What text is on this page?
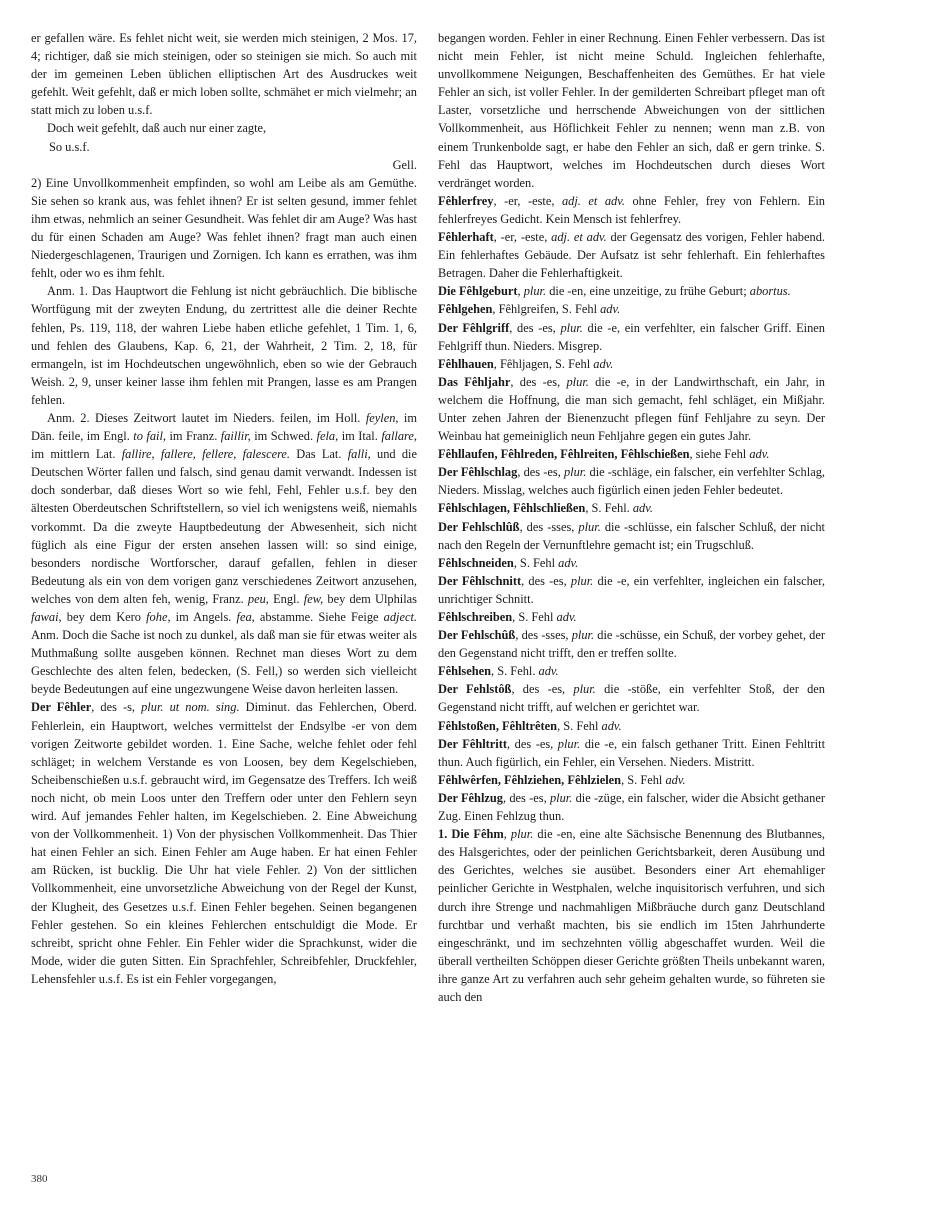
er gefallen wäre. Es fehlet nicht weit, sie werden mich steinigen, 2 Mos. 17, 4; richtiger, daß sie mich steinigen, oder so steinigen sie mich. So auch mit der im gemeinen Leben üblichen elliptischen Art des Ausdruckes weit gefehlt. Weit gefehlt, daß er mich loben sollte, schmähet er mich vielmehr; an statt mich zu loben u.s.f.

Doch weit gefehlt, daß auch nur einer zagte,

So u.s.f.

Gell.

2) Eine Unvollkommenheit empfinden, so wohl am Leibe als am Gemüthe. Sie sehen so krank aus, was fehlet ihnen? Er ist selten gesund, immer fehlet ihm etwas, nehmlich an seiner Gesundheit. Was fehlet dir am Auge? Was hast du für einen Schaden am Auge? Was fehlet ihnen? fragt man auch einen Niedergeschlagenen, Traurigen und Zornigen. Ich kann es errathen, was ihm fehlt, oder wo es ihm fehlt.

Anm. 1. Das Hauptwort die Fehlung ist nicht gebräuchlich. Die biblische Wortfügung mit der zweyten Endung, du zertrittest alle die deiner Rechte fehlen, Ps. 119, 118, der wahren Liebe haben etliche gefehlet, 1 Tim. 1, 6, und fehlen des Glaubens, Kap. 6, 21, der Wahrheit, 2 Tim. 2, 18, für ermangeln, ist im Hochdeutschen ungewöhnlich, eben so wie der Gebrauch Weish. 2, 9, unser keiner lasse ihm fehlen mit Prangen, lasse es am Prangen fehlen.

Anm. 2. Dieses Zeitwort lautet im Nieders. feilen, im Holl. feylen, im Dän. feile, im Engl. to fail, im Franz. faillir, im Schwed. fela, im Ital. fallare, im mittlern Lat. fallire, fallere, fellere, falescere. Das Lat. falli, und die Deutschen Wörter fallen und falsch, sind genau damit verwandt. Indessen ist doch sonderbar, daß dieses Wort so wie fehl, Fehl, Fehler u.s.f. bey den ältesten Oberdeutschen Schriftstellern, so viel ich wenigstens weiß, niemahls vorkommt. Da die zweyte Hauptbedeutung der Abwesenheit, sich nicht füglich als eine Figur der ersten ansehen lassen will: so sind einige, besonders nordische Wortforscher, darauf gefallen, fehlen in dieser Bedeutung als ein von dem vorigen ganz verschiedenes Zeitwort anzusehen, welches von dem alten feh, wenig, Franz. peu, Engl. few, bey dem Ulphilas fawai, bey dem Kero fohe, im Angels. fea, abstamme. Siehe Feige adject. Anm. Doch die Sache ist noch zu dunkel, als daß man sie für etwas weiter als Muthmaßung sollte ausgeben können. Rechnet man dieses Wort zu dem Geschlechte des alten felen, bedecken, (S. Fell,) so werden sich vielleicht beyde Bedeutungen auf eine ungezwungene Weise davon herleiten lassen.

Der Fêhler, des -s, plur. ut nom. sing. Diminut. das Fehlerchen, Oberd. Fehlerlein, ein Hauptwort, welches vermittelst der Endsylbe -er von dem vorigen Zeitworte gebildet worden. 1. Eine Sache, welche fehlet oder fehl schläget; in welchem Verstande es von Loosen, bey dem Kegelschieben, Scheibenschießen u.s.f. gebraucht wird, im Gegensatze des Treffers. Ich weiß noch nicht, ob mein Loos unter den Treffern oder unter den Fehlern seyn wird. Auf jemandes Fehler halten, im Kegelschieben. 2. Eine Abweichung von der Vollkommenheit. 1) Von der physischen Vollkommenheit. Das Thier hat einen Fehler an sich. Einen Fehler am Auge haben. Er hat einen Fehler am Rücken, ist bucklig. Die Uhr hat viele Fehler. 2) Von der sittlichen Vollkommenheit, eine unvorsetzliche Abweichung von der Regel der Kunst, der Klugheit, des Gesetzes u.s.f. Einen Fehler begehen. Seinen begangenen Fehler gestehen. So ein kleines Fehlerchen entschuldigt die Mode. Er schreibt, spricht ohne Fehler. Ein Fehler wider die Sprachkunst, wider die Mode, wider die guten Sitten. Ein Sprachfehler, Schreibfehler, Druckfehler, Lehensfehler u.s.f. Es ist ein Fehler vorgegangen,

begangen worden. Fehler in einer Rechnung. Einen Fehler verbessern. Das ist nicht mein Fehler, ist nicht meine Schuld. Ingleichen fehlerhafte, unvollkommene Neigungen, Beschaffenheiten des Gemüthes. Er hat viele Fehler an sich, ist voller Fehler. In der gemilderten Schreibart pfleget man oft Laster, vorsetzliche und herrschende Abweichungen von der sittlichen Vollkommenheit, aus Höflichkeit Fehler zu nennen; wenn man z.B. von einem Trunkenbolde sagt, er habe den Fehler an sich, daß er gern trinke. S. Fehl das Hauptwort, welches im Hochdeutschen durch dieses Wort verdränget worden.

Fêhlerfrey, -er, -este, adj. et adv. ohne Fehler, frey von Fehlern. Ein fehlerfreyes Gedicht. Kein Mensch ist fehlerfrey.

Fêhlerhaft, -er, -este, adj. et adv. der Gegensatz des vorigen, Fehler habend. Ein fehlerhaftes Gebäude. Der Aufsatz ist sehr fehlerhaft. Ein fehlerhaftes Betragen. Daher die Fehlerhaftigkeit.

Die Fêhlgeburt, plur. die -en, eine unzeitige, zu frühe Geburt; abortus.

Fêhlgehen, Fêhlgreifen, S. Fehl adv.

Der Fêhlgriff, des -es, plur. die -e, ein verfehlter, ein falscher Griff. Einen Fehlgriff thun. Nieders. Misgrep.

Fêhlhauen, Fêhljagen, S. Fehl adv.

Das Fêhljahr, des -es, plur. die -e, in der Landwirthschaft, ein Jahr, in welchem die Hoffnung, die man sich gemacht, fehl schläget, ein Mißjahr. Unter zehen Jahren der Bienenzucht pflegen fünf Fehljahre zu seyn. Der Weinbau hat gemeiniglich neun Fehljahre gegen ein gutes Jahr.

Fêhllaufen, Fêhlreden, Fêhlreiten, Fêhlschießen, siehe Fehl adv.

Der Fêhlschlag, des -es, plur. die -schläge, ein falscher, ein verfehlter Schlag, Nieders. Misslag, welches auch figürlich einen jeden Fehler bedeutet.

Fêhlschlagen, Fêhlschließen, S. Fehl. adv.

Der Fehlschlûß, des -sses, plur. die -schlüsse, ein falscher Schluß, der nicht nach den Regeln der Vernunftlehre gemacht ist; ein Trugschluß.

Fêhlschneiden, S. Fehl adv.

Der Fêhlschnitt, des -es, plur. die -e, ein verfehlter, ingleichen ein falscher, unrichtiger Schnitt.

Fêhlschreiben, S. Fehl adv.

Der Fehlschûß, des -sses, plur. die -schüsse, ein Schuß, der vorbey gehet, der den Gegenstand nicht trifft, den er treffen sollte.

Fêhlsehen, S. Fehl. adv.

Der Fehlstôß, des -es, plur. die -stöße, ein verfehlter Stoß, der den Gegenstand nicht trifft, auf welchen er gerichtet war.

Fêhlstoßen, Fêhltrêten, S. Fehl adv.

Der Fêhltritt, des -es, plur. die -e, ein falsch gethaner Tritt. Einen Fehltritt thun. Auch figürlich, ein Fehler, ein Versehen. Nieders. Mistritt.

Fêhlwêrfen, Fêhlziehen, Fêhlzielen, S. Fehl adv.

Der Fêhlzug, des -es, plur. die -züge, ein falscher, wider die Absicht gethaner Zug. Einen Fehlzug thun.

1. Die Fêhm, plur. die -en, eine alte Sächsische Benennung des Blutbannes, des Halsgerichtes, oder der peinlichen Gerichtsbarkeit, deren Ausübung und des Gerichtes, welches sie ausübet. Besonders einer Art ehemahliger peinlicher Gerichte in Westphalen, welche inquisitorisch verfuhren, und sich durch ihre Strenge und nachmahligen Mißbräuche durch ganz Deutschland furchtbar und verhaßt machten, bis sie endlich im 15ten Jahrhunderte eingeschränkt, und im sechzehnten völlig abgeschaffet wurden. Weil die überall vertheilten Schöppen dieser Gerichte größten Theils unbekannt waren, ihre ganze Art zu verfahren auch sehr geheim gehalten wurde, so führeten sie auch den

380
